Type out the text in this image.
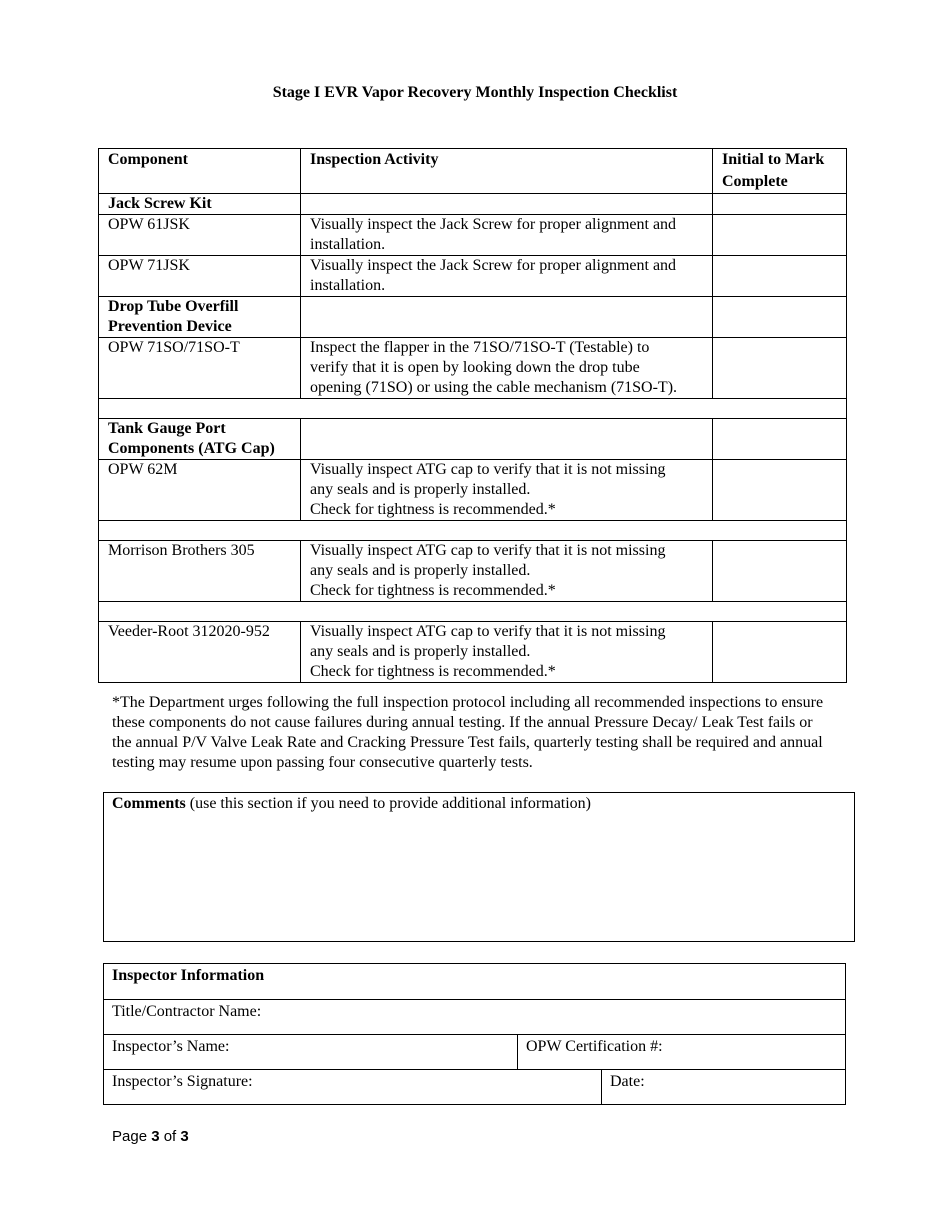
Stage I EVR Vapor Recovery Monthly Inspection Checklist
Component	Inspection Activity	Initial to Mark
Complete

Jack Screw Kit		
OPW 61JSK	Visually inspect the Jack Screw for proper alignment and
installation.	

OPW 71JSK	Visually inspect the Jack Screw for proper alignment and
installation.	

Drop Tube Overfill
Prevention Device		

OPW 71SO/71SO-T	Inspect the flapper in the 71SO/71SO-T (Testable) to
verify that it is open by looking down the drop tube
opening (71SO) or using the cable mechanism (71SO-T).	

Tank Gauge Port
Components (ATG Cap)		

OPW 62M	Visually inspect ATG cap to verify that it is not missing
any seals and is properly installed.
Check for tightness is recommended.*	

Morrison Brothers 305	Visually inspect ATG cap to verify that it is not missing
any seals and is properly installed.
Check for tightness is recommended.*	

Veeder-Root 312020-952	Visually inspect ATG cap to verify that it is not missing
any seals and is properly installed.
Check for tightness is recommended.*	

*The Department urges following the full inspection protocol including all recommended inspections to ensure these components do not cause failures during annual testing. If the annual Pressure Decay/ Leak Test fails or the annual P/V Valve Leak Rate and Cracking Pressure Test fails, quarterly testing shall be required and annual testing may resume upon passing four consecutive quarterly tests.

Comments (use this section if you need to provide additional information)
Inspector Information
Title/Contractor Name:
Inspector’s Name:	OPW Certification #:
Inspector’s Signature:	Date:
Page 3 of 3
